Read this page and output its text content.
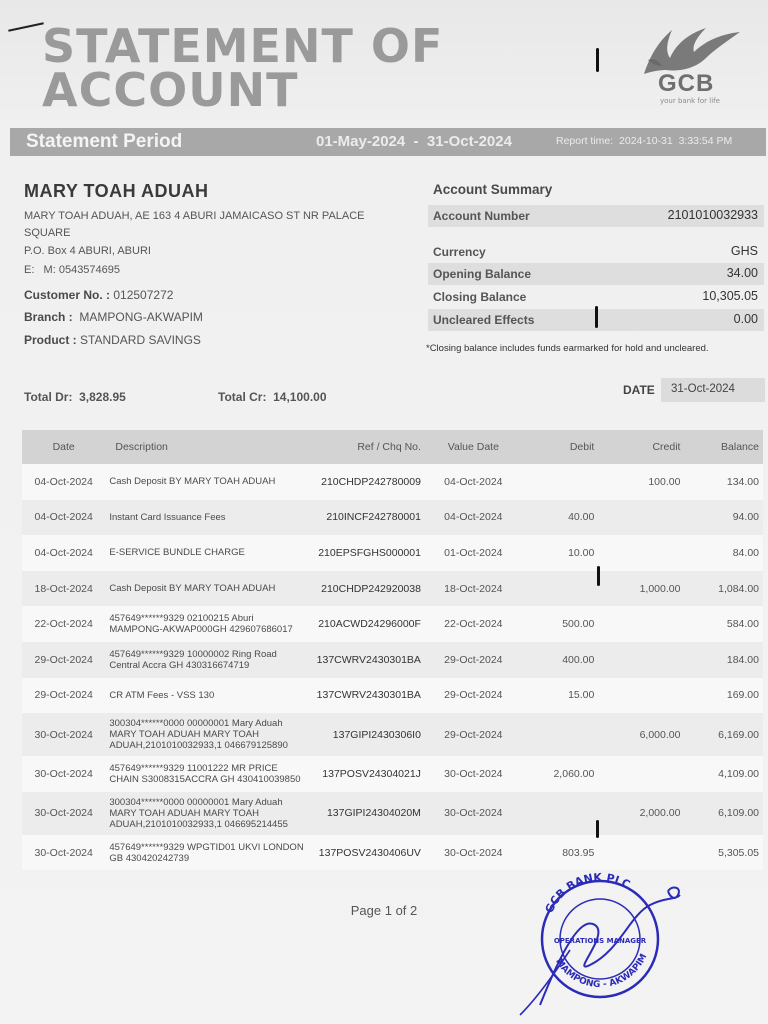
STATEMENT OF
ACCOUNT	GCB
your bank for life
Statement Period	01-May-2024  -  31-Oct-2024	Report time:  2024-10-31  3:33:54 PM
MARY TOAH ADUAH
MARY TOAH ADUAH, AE 163 4 ABURI JAMAICASO ST NR PALACE SQUARE
P.O. Box 4 ABURI, ABURI
E:   M: 0543574695
Customer No. : 012507272
Branch : MAMPONG-AKWAPIM
Product : STANDARD SAVINGS
Account Summary
Account Number	2101010032933
Currency	GHS
Opening Balance	34.00
Closing Balance	10,305.05
Uncleared Effects	0.00
*Closing balance includes funds earmarked for hold and uncleared.
Total Dr: 3,828.95	Total Cr: 14,100.00	DATE	31-Oct-2024
Date	Description	Ref / Chq No.	Value Date	Debit	Credit	Balance
04-Oct-2024	Cash Deposit BY MARY TOAH ADUAH	210CHDP242780009	04-Oct-2024		100.00	134.00
04-Oct-2024	Instant Card Issuance Fees	210INCF242780001	04-Oct-2024	40.00		94.00
04-Oct-2024	E-SERVICE BUNDLE CHARGE	210EPSFGHS000001	01-Oct-2024	10.00		84.00
18-Oct-2024	Cash Deposit BY MARY TOAH ADUAH	210CHDP242920038	18-Oct-2024		1,000.00	1,084.00
22-Oct-2024	457649******9329 02100215 Aburi MAMPONG-AKWAP000GH 429607686017	210ACWD24296000F	22-Oct-2024	500.00		584.00
29-Oct-2024	457649******9329 10000002 Ring Road Central Accra GH 430316674719	137CWRV2430301BA	29-Oct-2024	400.00		184.00
29-Oct-2024	CR ATM Fees - VSS 130	137CWRV2430301BA	29-Oct-2024	15.00		169.00
30-Oct-2024	300304******0000 00000001 Mary Aduah MARY TOAH ADUAH MARY TOAH ADUAH,2101010032933,1 046679125890	137GIPI2430306I0	29-Oct-2024		6,000.00	6,169.00
30-Oct-2024	457649******9329 11001222 MR PRICE CHAIN S3008315ACCRA GH 430410039850	137POSV24304021J	30-Oct-2024	2,060.00		4,109.00
30-Oct-2024	300304******0000 00000001 Mary Aduah MARY TOAH ADUAH MARY TOAH ADUAH,2101010032933,1 046695214455	137GIPI24304020M	30-Oct-2024		2,000.00	6,109.00
30-Oct-2024	457649******9329 WPGTID01 UKVI LONDON GB 430420242739	137POSV2430406UV	30-Oct-2024	803.95		5,305.05
Page 1 of 2	GCB BANK PLC
MAMPONG - AKWAPIM
OPERATIONS MANAGER
